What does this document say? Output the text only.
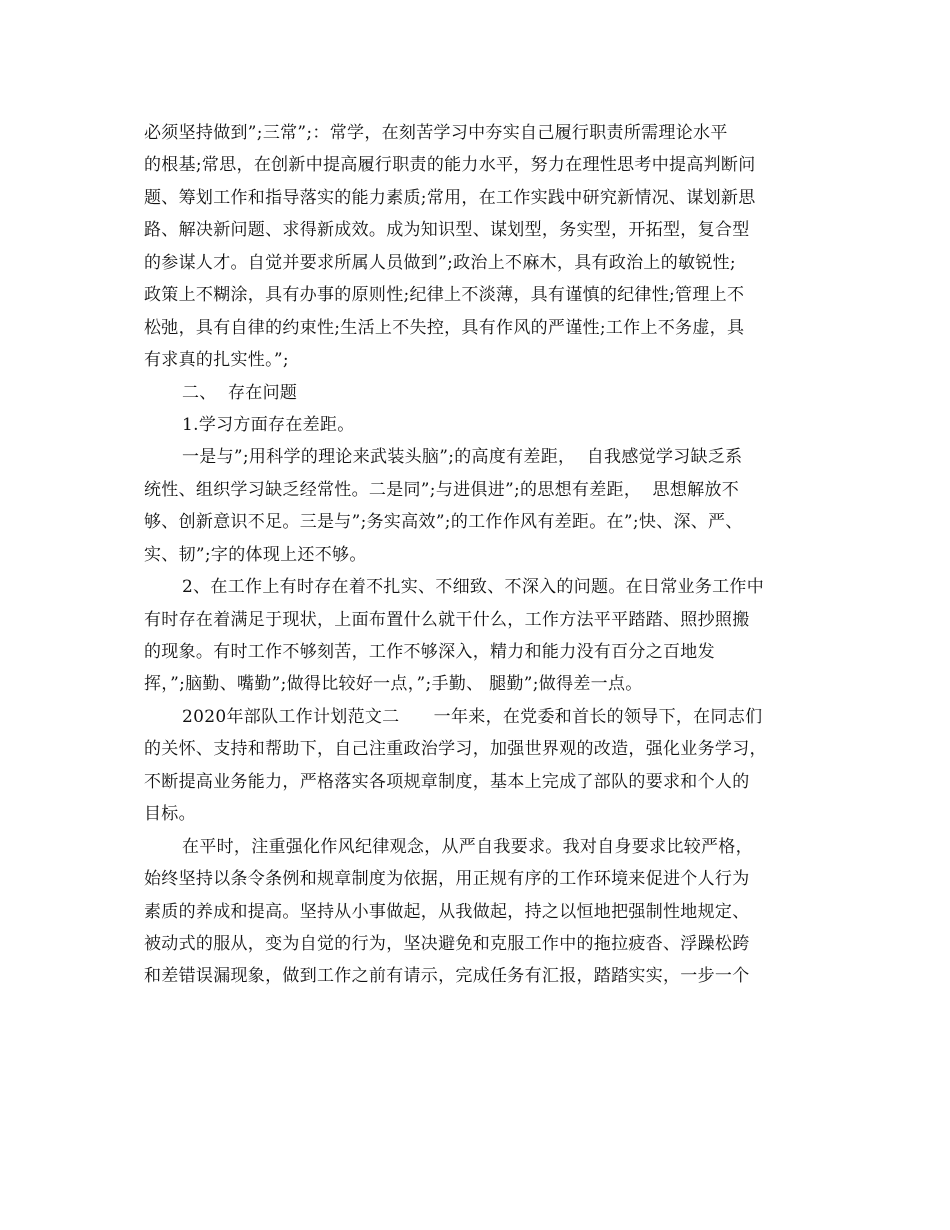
必须坚持做到”;三常”;：常学，在刻苦学习中夯实自己履行职责所需理论水平
的根基;常思，在创新中提高履行职责的能力水平，努力在理性思考中提高判断问
题、筹划工作和指导落实的能力素质;常用，在工作实践中研究新情况、谋划新思
路、解决新问题、求得新成效。成为知识型、谋划型，务实型，开拓型，复合型
的参谋人才。自觉并要求所属人员做到”;政治上不麻木，具有政治上的敏锐性;
政策上不糊涂，具有办事的原则性;纪律上不淡薄，具有谨慎的纪律性;管理上不
松弛，具有自律的约束性;生活上不失控，具有作风的严谨性;工作上不务虚，具
有求真的扎实性。”;
二、  存在问题
1.学习方面存在差距。
一是与”;用科学的理论来武装头脑”;的高度有差距，  自我感觉学习缺乏系
统性、组织学习缺乏经常性。二是同”;与进俱进”;的思想有差距，  思想解放不
够、创新意识不足。三是与”;务实高效”;的工作作风有差距。在”;快、深、严、
实、韧”;字的体现上还不够。
2、在工作上有时存在着不扎实、不细致、不深入的问题。在日常业务工作中
有时存在着满足于现状，上面布置什么就干什么，工作方法平平踏踏、照抄照搬
的现象。有时工作不够刻苦，工作不够深入，精力和能力没有百分之百地发
挥，”;脑勤、嘴勤”;做得比较好一点，”;手勤、 腿勤”;做得差一点。
2020年部队工作计划范文二      一年来，在党委和首长的领导下，在同志们
的关怀、支持和帮助下，自己注重政治学习，加强世界观的改造，强化业务学习，
不断提高业务能力，严格落实各项规章制度，基本上完成了部队的要求和个人的
目标。
在平时，注重强化作风纪律观念，从严自我要求。我对自身要求比较严格，
始终坚持以条令条例和规章制度为依据，用正规有序的工作环境来促进个人行为
素质的养成和提高。坚持从小事做起，从我做起，持之以恒地把强制性地规定、
被动式的服从，变为自觉的行为，坚决避免和克服工作中的拖拉疲沓、浮躁松跨
和差错误漏现象，做到工作之前有请示，完成任务有汇报，踏踏实实，一步一个
